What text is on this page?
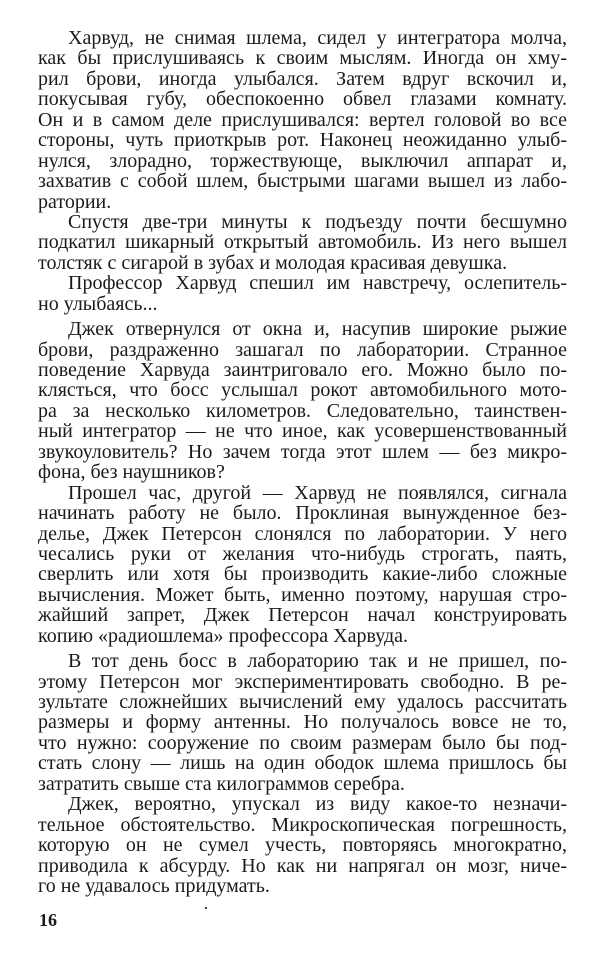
Харвуд, не снимая шлема, сидел у интегратора молча,
как бы прислушиваясь к своим мыслям. Иногда он хму-
рил брови, иногда улыбался. Затем вдруг вскочил и,
покусывая губу, обеспокоенно обвел глазами комнату.
Он и в самом деле прислушивался: вертел головой во все
стороны, чуть приоткрыв рот. Наконец неожиданно улыб-
нулся, злорадно, торжествующе, выключил аппарат и,
захватив с собой шлем, быстрыми шагами вышел из лабо-
ратории.
Спустя две-три минуты к подъезду почти бесшумно
подкатил шикарный открытый автомобиль. Из него вышел
толстяк с сигарой в зубах и молодая красивая девушка.
Профессор Харвуд спешил им навстречу, ослепитель-
но улыбаясь...
Джек отвернулся от окна и, насупив широкие рыжие
брови, раздраженно зашагал по лаборатории. Странное
поведение Харвуда заинтриговало его. Можно было по-
клясться, что босс услышал рокот автомобильного мото-
ра за несколько километров. Следовательно, таинствен-
ный интегратор — не что иное, как усовершенствованный
звукоуловитель? Но зачем тогда этот шлем — без микро-
фона, без наушников?
Прошел час, другой — Харвуд не появлялся, сигнала
начинать работу не было. Проклиная вынужденное без-
делье, Джек Петерсон слонялся по лаборатории. У него
чесались руки от желания что-нибудь строгать, паять,
сверлить или хотя бы производить какие-либо сложные
вычисления. Может быть, именно поэтому, нарушая стро-
жайший запрет, Джек Петерсон начал конструировать
копию «радиошлема» профессора Харвуда.
В тот день босс в лабораторию так и не пришел, по-
этому Петерсон мог экспериментировать свободно. В ре-
зультате сложнейших вычислений ему удалось рассчитать
размеры и форму антенны. Но получалось вовсе не то,
что нужно: сооружение по своим размерам было бы под-
стать слону — лишь на один ободок шлема пришлось бы
затратить свыше ста килограммов серебра.
Джек, вероятно, упускал из виду какое-то незначи-
тельное обстоятельство. Микроскопическая погрешность,
которую он не сумел учесть, повторяясь многократно,
приводила к абсурду. Но как ни напрягал он мозг, ниче-
го не удавалось придумать.
16
